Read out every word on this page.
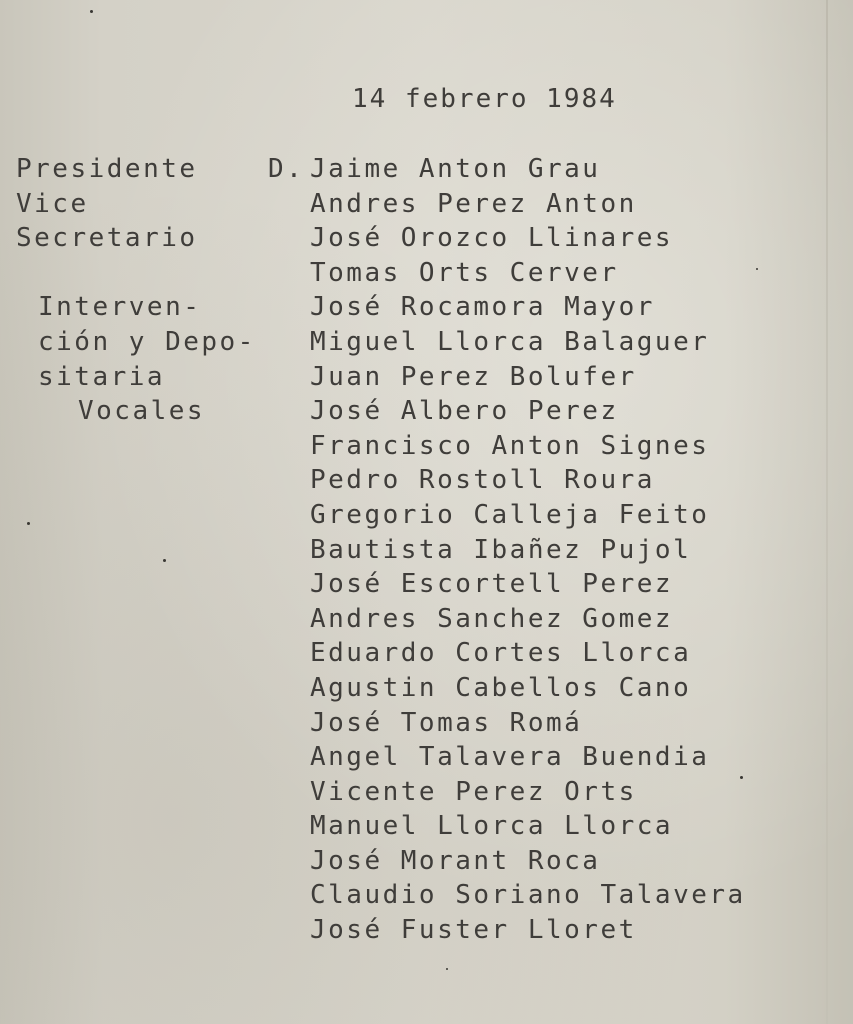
14 febrero 1984
Presidente
Vice
Secretario
Interven-
ción y Depo-
sitaria
Vocales
D. Jaime Anton Grau
Andres Perez Anton
José Orozco Llinares
Tomas Orts Cerver
José Rocamora Mayor
Miguel Llorca Balaguer
Juan Perez Bolufer
José Albero Perez
Francisco Anton Signes
Pedro Rostoll Roura
Gregorio Calleja Feito
Bautista Ibañez Pujol
José Escortell Perez
Andres Sanchez Gomez
Eduardo Cortes Llorca
Agustin Cabellos Cano
José Tomas Romá
Angel Talavera Buendia
Vicente Perez Orts
Manuel Llorca Llorca
José Morant Roca
Claudio Soriano Talavera
José Fuster Lloret
